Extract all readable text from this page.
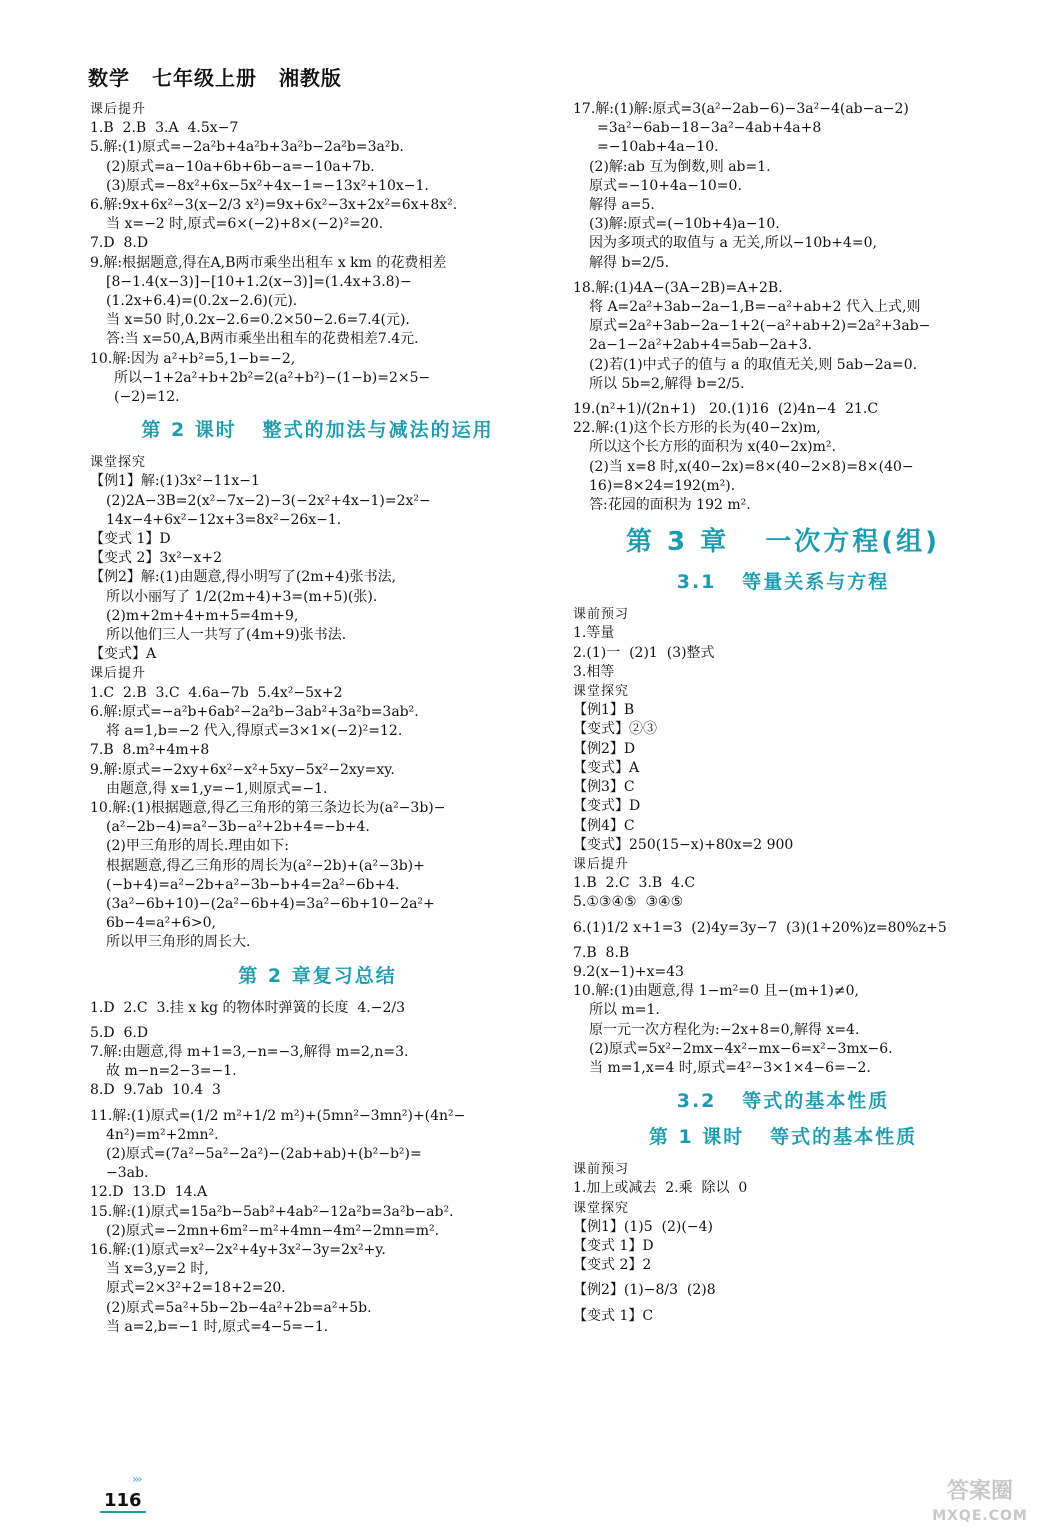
数学 七年级上册 湘教版
课后提升
1.B  2.B  3.A  4.5x−7
5.解:(1)原式=−2a²b+4a²b+3a²b−2a²b=3a²b.
(2)原式=a−10a+6b+6b−a=−10a+7b.
(3)原式=−8x²+6x−5x²+4x−1=−13x²+10x−1.
6.解:9x+6x²−3(x−2/3 x²)=9x+6x²−3x+2x²=6x+8x².
当 x=−2 时,原式=6×(−2)+8×(−2)²=20.
7.D  8.D
9.解:根据题意,得在A,B两市乘坐出租车 x km 的花费相差
[8−1.4(x−3)]−[10+1.2(x−3)]=(1.4x+3.8)−
(1.2x+6.4)=(0.2x−2.6)(元).
当 x=50 时,0.2x−2.6=0.2×50−2.6=7.4(元).
答:当 x=50,A,B两市乘坐出租车的花费相差7.4元.
10.解:因为 a²+b²=5,1−b=−2,
所以−1+2a²+b+2b²=2(a²+b²)−(1−b)=2×5−
(−2)=12.
第 2 课时   整式的加法与减法的运用
课堂探究
【例1】解:(1)3x²−11x−1
(2)2A−3B=2(x²−7x−2)−3(−2x²+4x−1)=2x²−
14x−4+6x²−12x+3=8x²−26x−1.
【变式 1】D
【变式 2】3x²−x+2
【例2】解:(1)由题意,得小明写了(2m+4)张书法,
所以小丽写了 1/2(2m+4)+3=(m+5)(张).
(2)m+2m+4+m+5=4m+9,
所以他们三人一共写了(4m+9)张书法.
【变式】A
课后提升
1.C  2.B  3.C  4.6a−7b  5.4x²−5x+2
6.解:原式=−a²b+6ab²−2a²b−3ab²+3a²b=3ab².
将 a=1,b=−2 代入,得原式=3×1×(−2)²=12.
7.B  8.m²+4m+8
9.解:原式=−2xy+6x²−x²+5xy−5x²−2xy=xy.
由题意,得 x=1,y=−1,则原式=−1.
10.解:(1)根据题意,得乙三角形的第三条边长为(a²−3b)−
(a²−2b−4)=a²−3b−a²+2b+4=−b+4.
(2)甲三角形的周长.理由如下:
根据题意,得乙三角形的周长为(a²−2b)+(a²−3b)+
(−b+4)=a²−2b+a²−3b−b+4=2a²−6b+4.
(3a²−6b+10)−(2a²−6b+4)=3a²−6b+10−2a²+
6b−4=a²+6>0,
所以甲三角形的周长大.
第 2 章复习总结
1.D  2.C  3.挂 x kg 的物体时弹簧的长度  4.−2/3
5.D  6.D
7.解:由题意,得 m+1=3,−n=−3,解得 m=2,n=3.
故 m−n=2−3=−1.
8.D  9.7ab  10.4  3
11.解:(1)原式=(1/2 m²+1/2 m²)+(5mn²−3mn²)+(4n²−
4n²)=m²+2mn².
(2)原式=(7a²−5a²−2a²)−(2ab+ab)+(b²−b²)=
−3ab.
12.D  13.D  14.A
15.解:(1)原式=15a²b−5ab²+4ab²−12a²b=3a²b−ab².
(2)原式=−2mn+6m²−m²+4mn−4m²−2mn=m².
16.解:(1)原式=x²−2x²+4y+3x²−3y=2x²+y.
当 x=3,y=2 时,
原式=2×3²+2=18+2=20.
(2)原式=5a²+5b−2b−4a²+2b=a²+5b.
当 a=2,b=−1 时,原式=4−5=−1.
17.解:(1)解:原式=3(a²−2ab−6)−3a²−4(ab−a−2)
=3a²−6ab−18−3a²−4ab+4a+8
=−10ab+4a−10.
(2)解:ab 互为倒数,则 ab=1.
原式=−10+4a−10=0.
解得 a=5.
(3)解:原式=(−10b+4)a−10.
因为多项式的取值与 a 无关,所以−10b+4=0,
解得 b=2/5.
18.解:(1)4A−(3A−2B)=A+2B.
将 A=2a²+3ab−2a−1,B=−a²+ab+2 代入上式,则
原式=2a²+3ab−2a−1+2(−a²+ab+2)=2a²+3ab−
2a−1−2a²+2ab+4=5ab−2a+3.
(2)若(1)中式子的值与 a 的取值无关,则 5ab−2a=0.
所以 5b=2,解得 b=2/5.
19.(n²+1)/(2n+1)   20.(1)16  (2)4n−4  21.C
22.解:(1)这个长方形的长为(40−2x)m,
所以这个长方形的面积为 x(40−2x)m².
(2)当 x=8 时,x(40−2x)=8×(40−2×8)=8×(40−
16)=8×24=192(m²).
答:花园的面积为 192 m².
第 3 章   一次方程(组)
3.1   等量关系与方程
课前预习
1.等量
2.(1)一  (2)1  (3)整式
3.相等
课堂探究
【例1】B
【变式】②③
【例2】D
【变式】A
【例3】C
【变式】D
【例4】C
【变式】250(15−x)+80x=2 900
课后提升
1.B  2.C  3.B  4.C
5.①③④⑤  ③④⑤
6.(1)1/2 x+1=3  (2)4y=3y−7  (3)(1+20%)z=80%z+5
7.B  8.B
9.2(x−1)+x=43
10.解:(1)由题意,得 1−m²=0 且−(m+1)≠0,
所以 m=1.
原一元一次方程化为:−2x+8=0,解得 x=4.
(2)原式=5x²−2mx−4x²−mx−6=x²−3mx−6.
当 m=1,x=4 时,原式=4²−3×1×4−6=−2.
3.2   等式的基本性质
第 1 课时   等式的基本性质
课前预习
1.加上或减去  2.乘  除以  0
课堂探究
【例1】(1)5  (2)(−4)
【变式 1】D
【变式 2】2
【例2】(1)−8/3  (2)8
【变式 1】C
›››
116	答案圈
MXQE.COM
